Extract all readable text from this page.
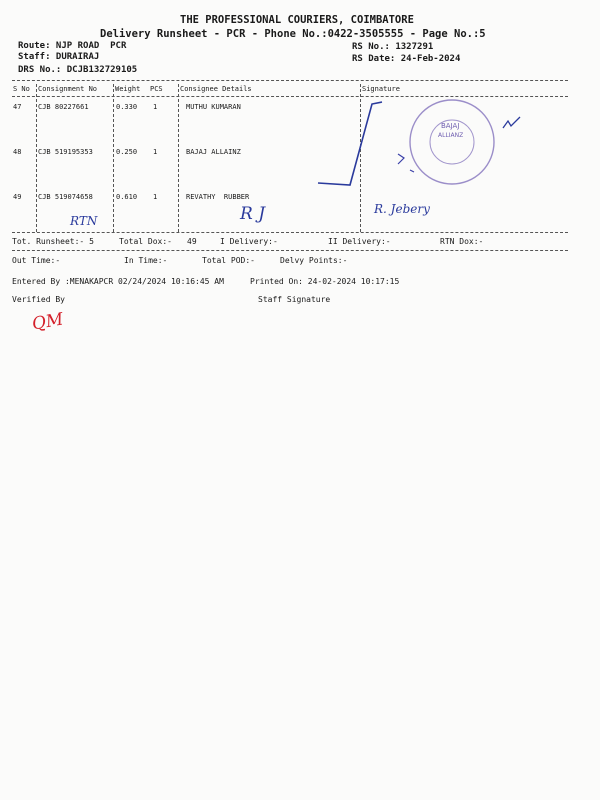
THE PROFESSIONAL COURIERS, COIMBATORE
Delivery Runsheet - PCR - Phone No.:0422-3505555 - Page No.:5
Route: NJP ROAD  PCR
Staff: DURAIRAJ
DRS No.: DCJB132729105
RS No.: 1327291
RS Date: 24-Feb-2024
S No Consignment No	Weight PCS Consignee Details	Signature
47 CJB 80227661	0.330 1	MUTHU KUMARAN
48 CJB 519195353	0.250 1	BAJAJ ALLAINZ
49 CJB 519074658	0.610 1	REVATHY  RUBBER
BAJAJ
ALLIANZ
RTN	R J	R. Jebery
Tot. Runsheet:- 5	Total Dox:- 49	I Delivery:-	II Delivery:-	RTN Dox:-
Out Time:-	In Time:-	Total POD:-	Delvy Points:-
Entered By :MENAKAPCR 02/24/2024 10:16:45 AM	Printed On: 24-02-2024 10:17:15
Verified By	Staff Signature
QM
